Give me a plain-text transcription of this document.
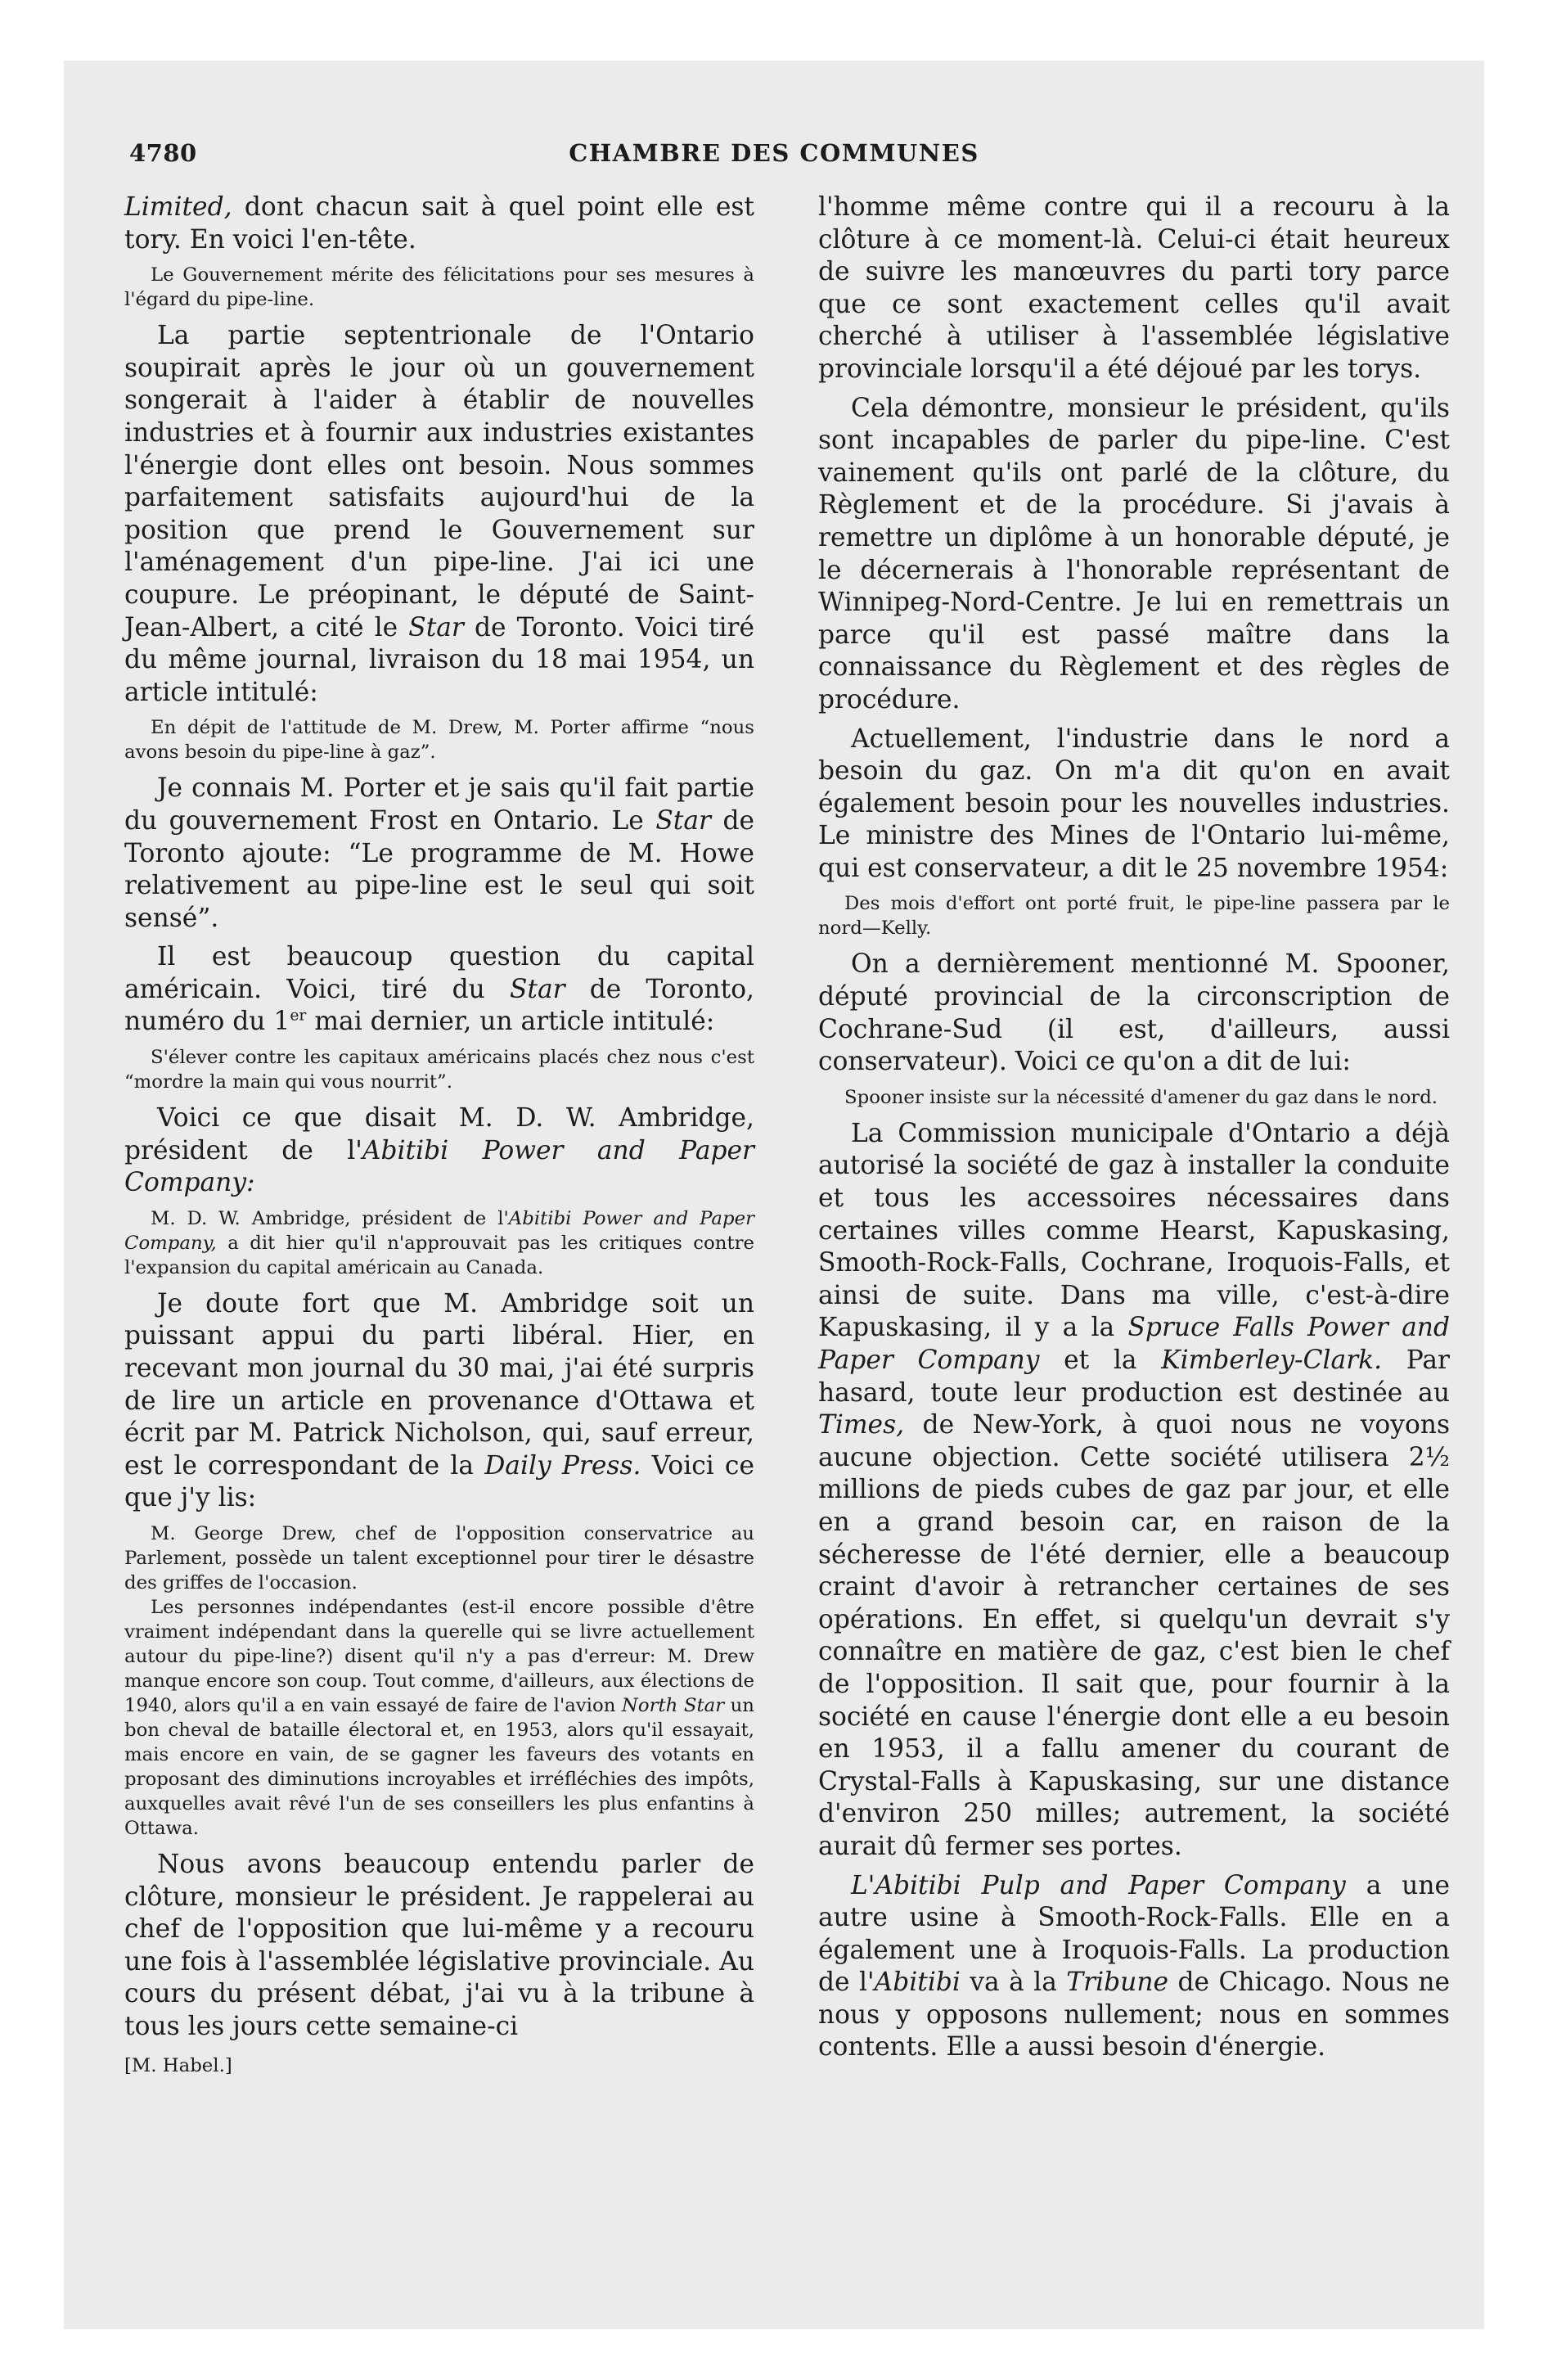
4780	CHAMBRE DES COMMUNES

Limited, dont chacun sait à quel point elle est tory. En voici l'en-tête.

Le Gouvernement mérite des félicitations pour ses mesures à l'égard du pipe-line.

La partie septentrionale de l'Ontario soupirait après le jour où un gouvernement songerait à l'aider à établir de nouvelles industries et à fournir aux industries existantes l'énergie dont elles ont besoin. Nous sommes parfaitement satisfaits aujourd'hui de la position que prend le Gouvernement sur l'aménagement d'un pipe-line. J'ai ici une coupure. Le préopinant, le député de Saint-Jean-Albert, a cité le Star de Toronto. Voici tiré du même journal, livraison du 18 mai 1954, un article intitulé:

En dépit de l'attitude de M. Drew, M. Porter affirme “nous avons besoin du pipe-line à gaz”.

Je connais M. Porter et je sais qu'il fait partie du gouvernement Frost en Ontario. Le Star de Toronto ajoute: “Le programme de M. Howe relativement au pipe-line est le seul qui soit sensé”.

Il est beaucoup question du capital américain. Voici, tiré du Star de Toronto, numéro du 1er mai dernier, un article intitulé:

S'élever contre les capitaux américains placés chez nous c'est “mordre la main qui vous nourrit”.

Voici ce que disait M. D. W. Ambridge, président de l'Abitibi Power and Paper Company:

M. D. W. Ambridge, président de l'Abitibi Power and Paper Company, a dit hier qu'il n'approuvait pas les critiques contre l'expansion du capital américain au Canada.

Je doute fort que M. Ambridge soit un puissant appui du parti libéral. Hier, en recevant mon journal du 30 mai, j'ai été surpris de lire un article en provenance d'Ottawa et écrit par M. Patrick Nicholson, qui, sauf erreur, est le correspondant de la Daily Press. Voici ce que j'y lis:

M. George Drew, chef de l'opposition conservatrice au Parlement, possède un talent exceptionnel pour tirer le désastre des griffes de l'occasion.

Les personnes indépendantes (est-il encore possible d'être vraiment indépendant dans la querelle qui se livre actuellement autour du pipe-line?) disent qu'il n'y a pas d'erreur: M. Drew manque encore son coup. Tout comme, d'ailleurs, aux élections de 1940, alors qu'il a en vain essayé de faire de l'avion North Star un bon cheval de bataille électoral et, en 1953, alors qu'il essayait, mais encore en vain, de se gagner les faveurs des votants en proposant des diminutions incroyables et irréfléchies des impôts, auxquelles avait rêvé l'un de ses conseillers les plus enfantins à Ottawa.

Nous avons beaucoup entendu parler de clôture, monsieur le président. Je rappelerai au chef de l'opposition que lui-même y a recouru une fois à l'assemblée législative provinciale. Au cours du présent débat, j'ai vu à la tribune à tous les jours cette semaine-ci

[M. Habel.]

l'homme même contre qui il a recouru à la clôture à ce moment-là. Celui-ci était heureux de suivre les manœuvres du parti tory parce que ce sont exactement celles qu'il avait cherché à utiliser à l'assemblée législative provinciale lorsqu'il a été déjoué par les torys.

Cela démontre, monsieur le président, qu'ils sont incapables de parler du pipe-line. C'est vainement qu'ils ont parlé de la clôture, du Règlement et de la procédure. Si j'avais à remettre un diplôme à un honorable député, je le décernerais à l'honorable représentant de Winnipeg-Nord-Centre. Je lui en remettrais un parce qu'il est passé maître dans la connaissance du Règlement et des règles de procédure.

Actuellement, l'industrie dans le nord a besoin du gaz. On m'a dit qu'on en avait également besoin pour les nouvelles industries. Le ministre des Mines de l'Ontario lui-même, qui est conservateur, a dit le 25 novembre 1954:

Des mois d'effort ont porté fruit, le pipe-line passera par le nord—Kelly.

On a dernièrement mentionné M. Spooner, député provincial de la circonscription de Cochrane-Sud (il est, d'ailleurs, aussi conservateur). Voici ce qu'on a dit de lui:

Spooner insiste sur la nécessité d'amener du gaz dans le nord.

La Commission municipale d'Ontario a déjà autorisé la société de gaz à installer la conduite et tous les accessoires nécessaires dans certaines villes comme Hearst, Kapuskasing, Smooth-Rock-Falls, Cochrane, Iroquois-Falls, et ainsi de suite. Dans ma ville, c'est-à-dire Kapuskasing, il y a la Spruce Falls Power and Paper Company et la Kimberley-Clark. Par hasard, toute leur production est destinée au Times, de New-York, à quoi nous ne voyons aucune objection. Cette société utilisera 2½ millions de pieds cubes de gaz par jour, et elle en a grand besoin car, en raison de la sécheresse de l'été dernier, elle a beaucoup craint d'avoir à retrancher certaines de ses opérations. En effet, si quelqu'un devrait s'y connaître en matière de gaz, c'est bien le chef de l'opposition. Il sait que, pour fournir à la société en cause l'énergie dont elle a eu besoin en 1953, il a fallu amener du courant de Crystal-Falls à Kapuskasing, sur une distance d'environ 250 milles; autrement, la société aurait dû fermer ses portes.

L'Abitibi Pulp and Paper Company a une autre usine à Smooth-Rock-Falls. Elle en a également une à Iroquois-Falls. La production de l'Abitibi va à la Tribune de Chicago. Nous ne nous y opposons nullement; nous en sommes contents. Elle a aussi besoin d'énergie.
